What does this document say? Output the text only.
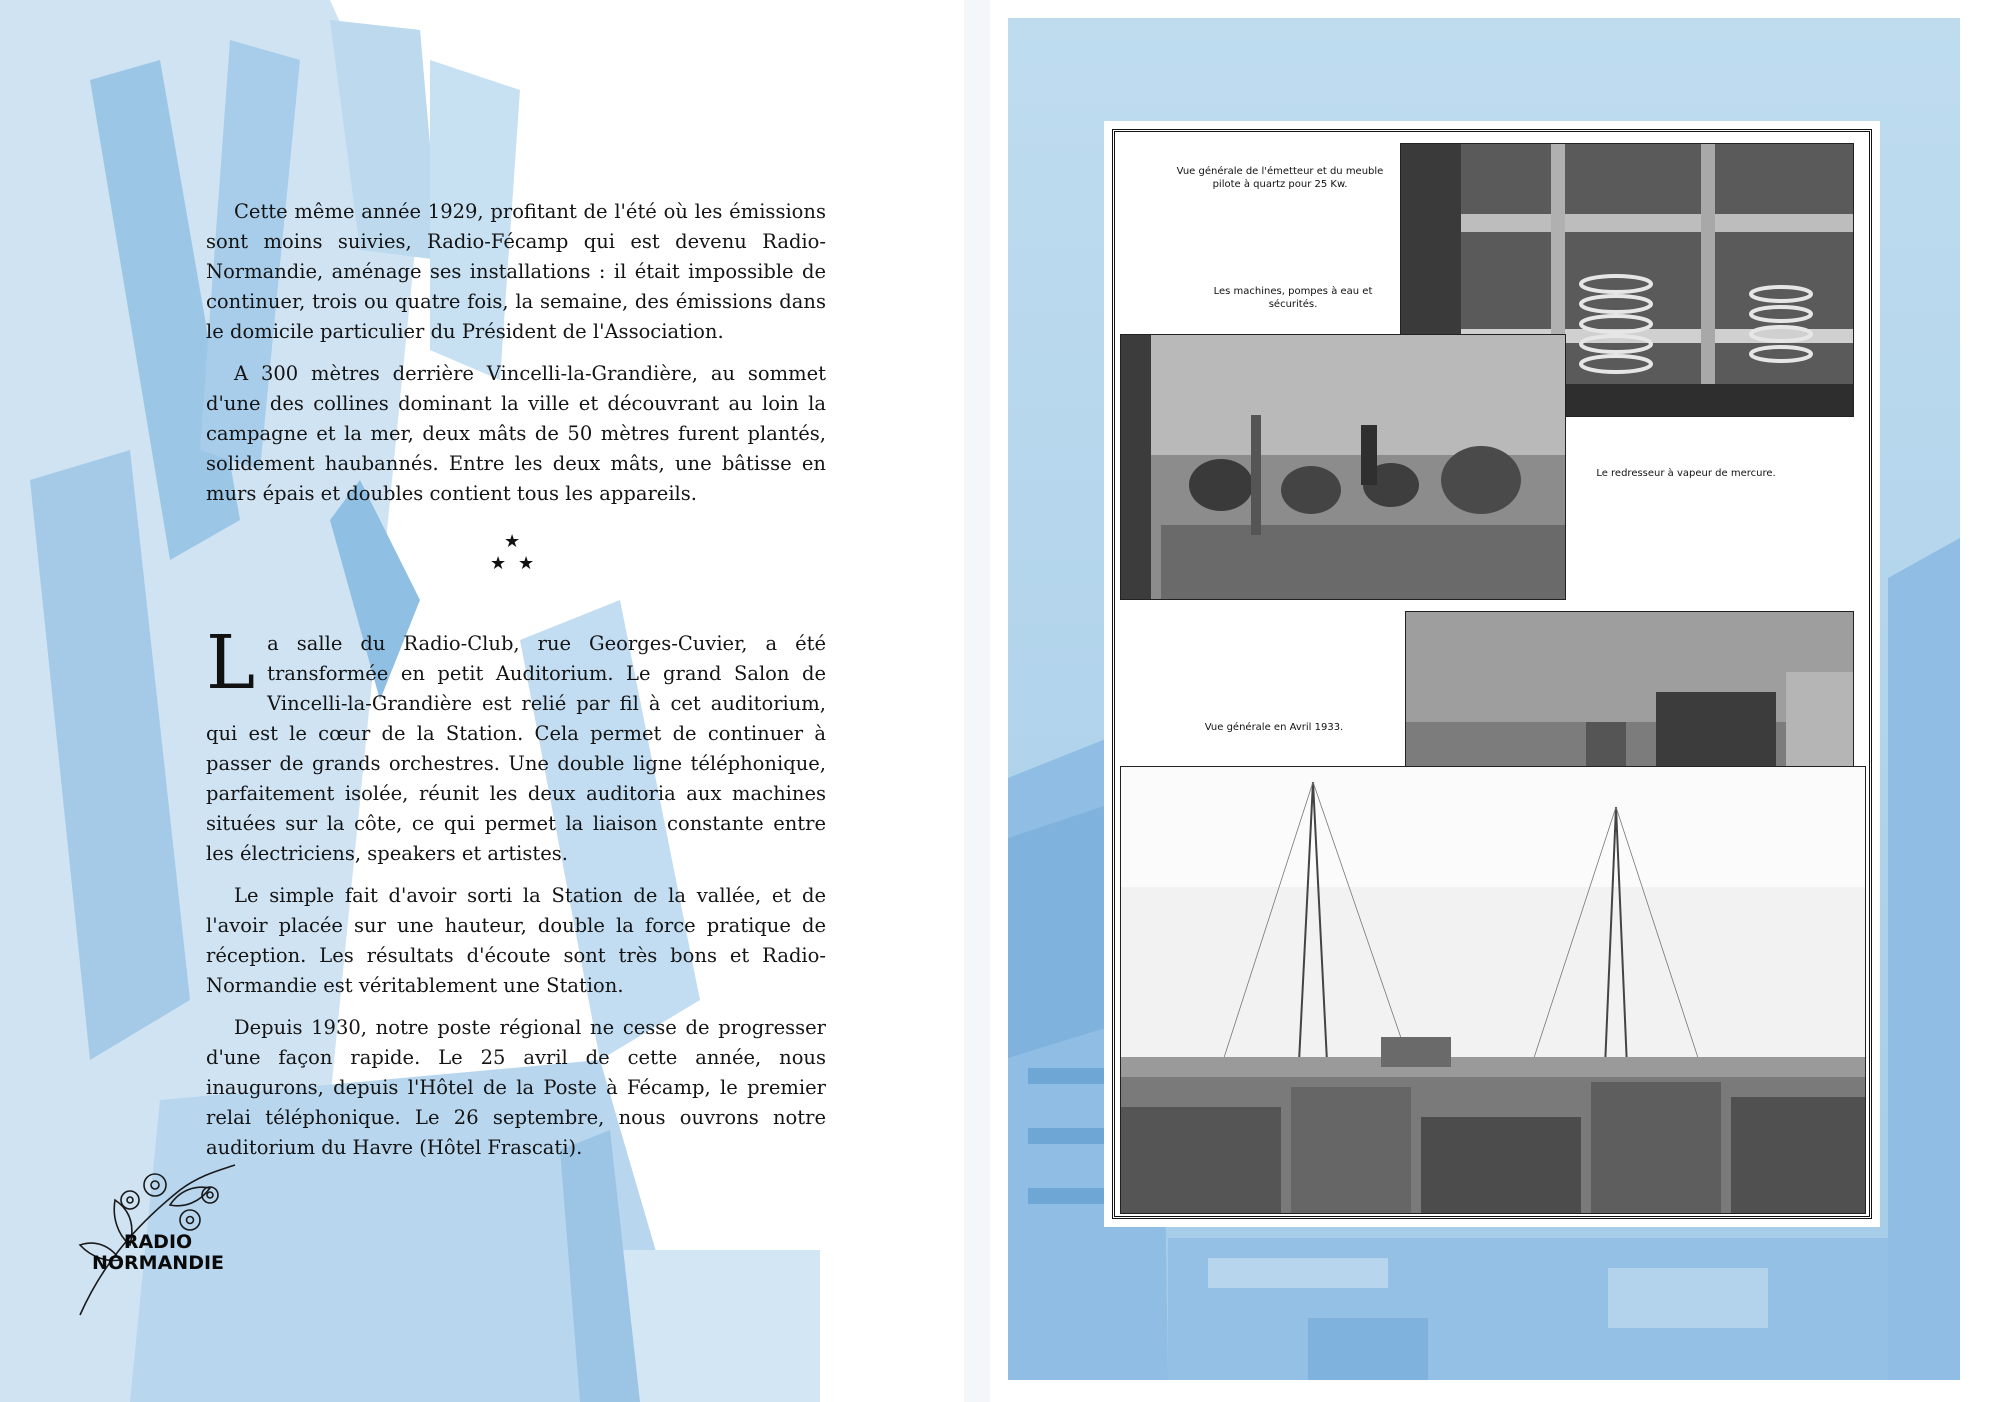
Cette même année 1929, profitant de l'été où les émissions sont moins suivies, Radio-Fécamp qui est devenu Radio-Normandie, aménage ses installations : il était impossible de continuer, trois ou quatre fois, la semaine, des émissions dans le domicile particulier du Président de l'Association.

A 300 mètres derrière Vincelli-la-Grandière, au sommet d'une des collines dominant la ville et découvrant au loin la campagne et la mer, deux mâts de 50 mètres furent plantés, solidement haubannés. Entre les deux mâts, une bâtisse en murs épais et doubles contient tous les appareils.

★
★ ★

La salle du Radio-Club, rue Georges-Cuvier, a été transformée en petit Auditorium. Le grand Salon de Vincelli-la-Grandière est relié par fil à cet auditorium, qui est le cœur de la Station. Cela permet de continuer à passer de grands orchestres. Une double ligne téléphonique, parfaitement isolée, réunit les deux auditoria aux machines situées sur la côte, ce qui permet la liaison constante entre les électriciens, speakers et artistes.

Le simple fait d'avoir sorti la Station de la vallée, et de l'avoir placée sur une hauteur, double la force pratique de réception. Les résultats d'écoute sont très bons et Radio-Normandie est véritablement une Station.

Depuis 1930, notre poste régional ne cesse de progresser d'une façon rapide. Le 25 avril de cette année, nous inaugurons, depuis l'Hôtel de la Poste à Fécamp, le premier relai téléphonique. Le 26 septembre, nous ouvrons notre auditorium du Havre (Hôtel Frascati).

RADIO
NORMANDIE
Vue générale de l'émetteur et du meuble pilote à quartz pour 25 Kw.
Les machines, pompes à eau et sécurités.
Le redresseur à vapeur de mercure.
Vue générale en Avril 1933.
